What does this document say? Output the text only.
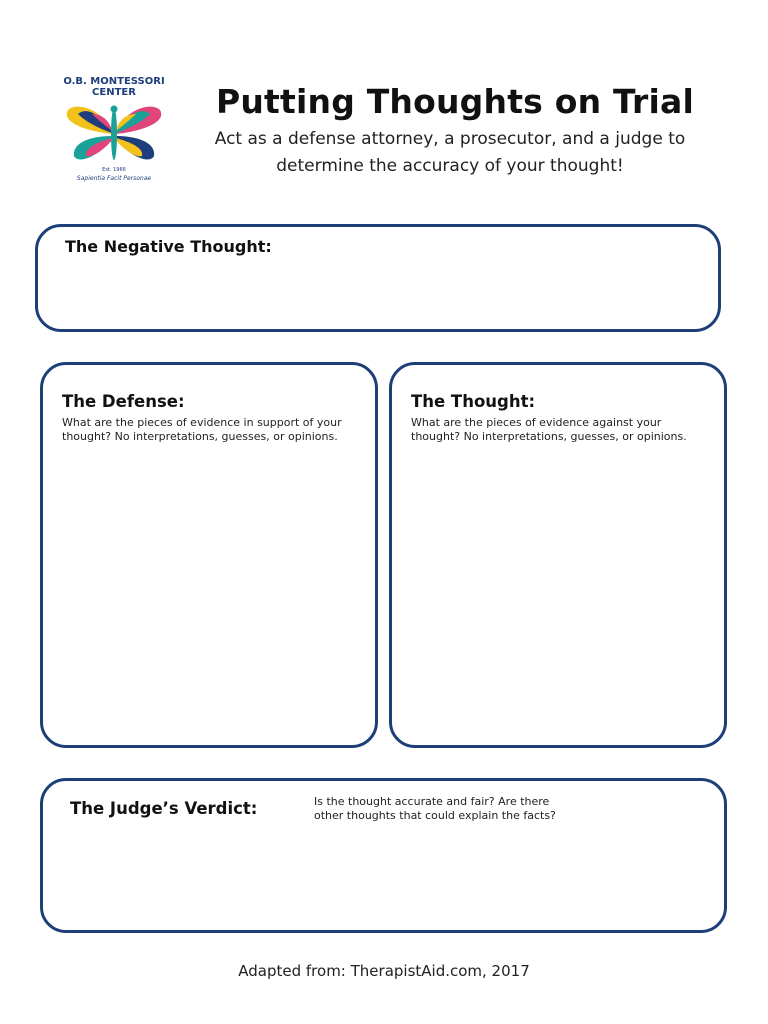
O.B. MONTESSORI
CENTER
Est. 1966
Sapientia Facit Personae
Putting Thoughts on Trial
Act as a defense attorney, a prosecutor, and a judge to determine the accuracy of your thought!
The Negative Thought:
The Defense:
What are the pieces of evidence in support of your thought? No interpretations, guesses, or opinions.
The Thought:
What are the pieces of evidence against your thought? No interpretations, guesses, or opinions.
The Judge’s Verdict:	Is the thought accurate and fair? Are there other thoughts that could explain the facts?
Adapted from: TherapistAid.com, 2017
